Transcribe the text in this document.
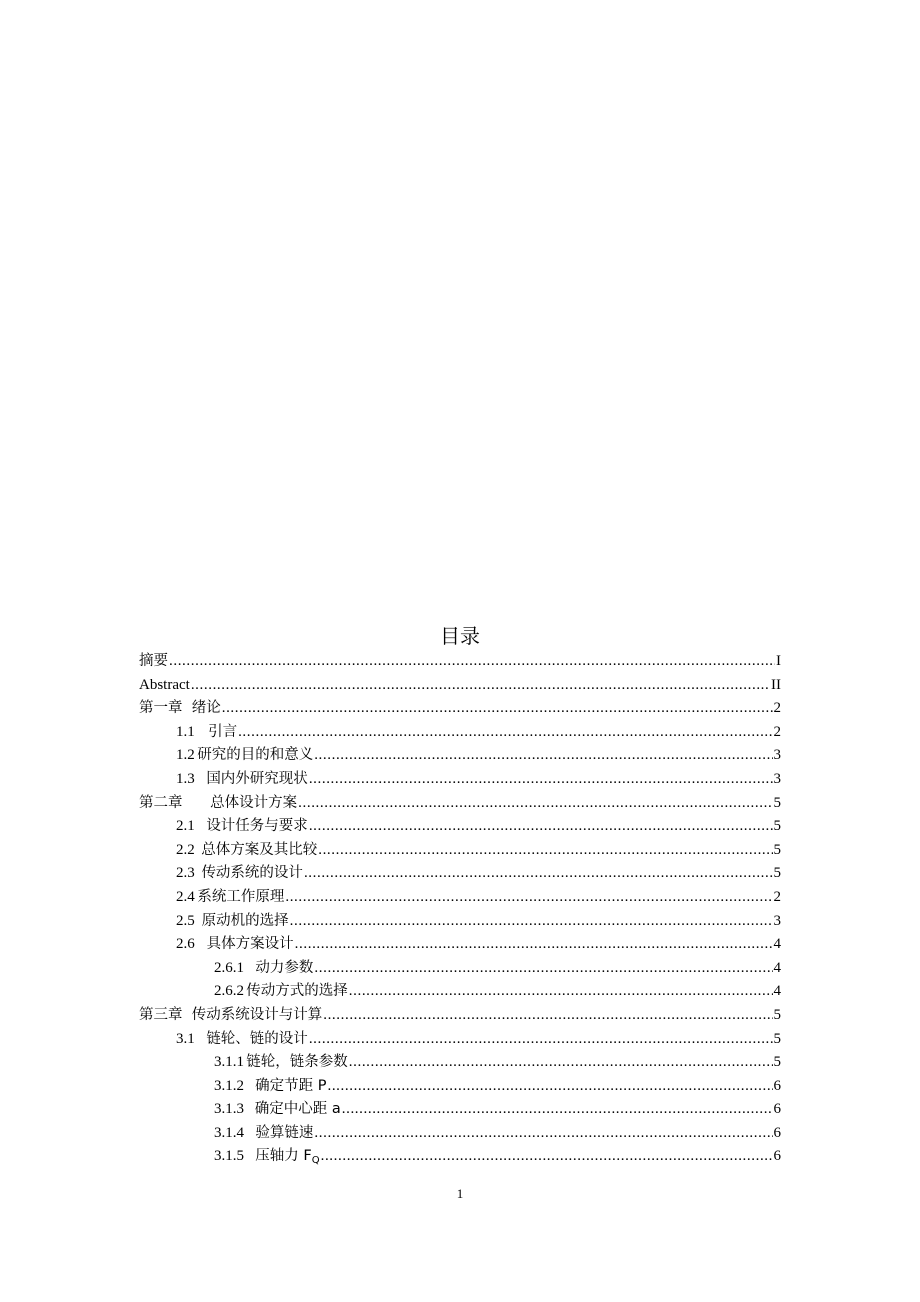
目录
摘要 .....	I
Abstract .....	II
第一章  绪论 .....	2
1.1 引言 .....	2
1.2 研究的目的和意义 .....	3
1.3 国内外研究现状 .....	3
第二章      总体设计方案 .....	5
2.1 设计任务与要求 .....	5
2.2 总体方案及其比较 .....	5
2.3 传动系统的设计 .....	5
2.4 系统工作原理 .....	2
2.5 原动机的选择 .....	3
2.6 具体方案设计 .....	4
2.6.1 动力参数 .....	4
2.6.2 传动方式的选择 .....	4
第三章  传动系统设计与计算 .....	5
3.1 链轮、链的设计 .....	5
3.1.1 链轮，链条参数 .....	5
3.1.2 确定节距 P .....	6
3.1.3 确定中心距 a .....	6
3.1.4 验算链速 .....	6
3.1.5 压轴力 $F_Q$ .....	6
1
